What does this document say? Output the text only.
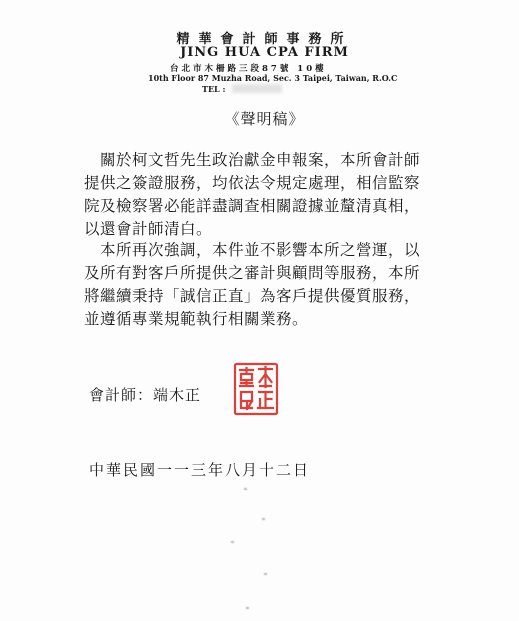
精華會計師事務所
JING HUA CPA FIRM
台北市木柵路三段87號 10樓
10th Floor 87 Muzha Road, Sec. 3 Taipei, Taiwan, R.O.C
TEL :
《聲明稿》
　關於柯文哲先生政治獻金申報案，本所會計師
提供之簽證服務，均依法令規定處理，相信監察
院及檢察署必能詳盡調查相關證據並釐清真相，
以還會計師清白。
　本所再次強調，本件並不影響本所之營運，以
及所有對客戶所提供之審計與顧問等服務，本所
將繼續秉持「誠信正直」為客戶提供優質服務，
並遵循專業規範執行相關業務。
會計師：端木正
中華民國一一三年八月十二日
